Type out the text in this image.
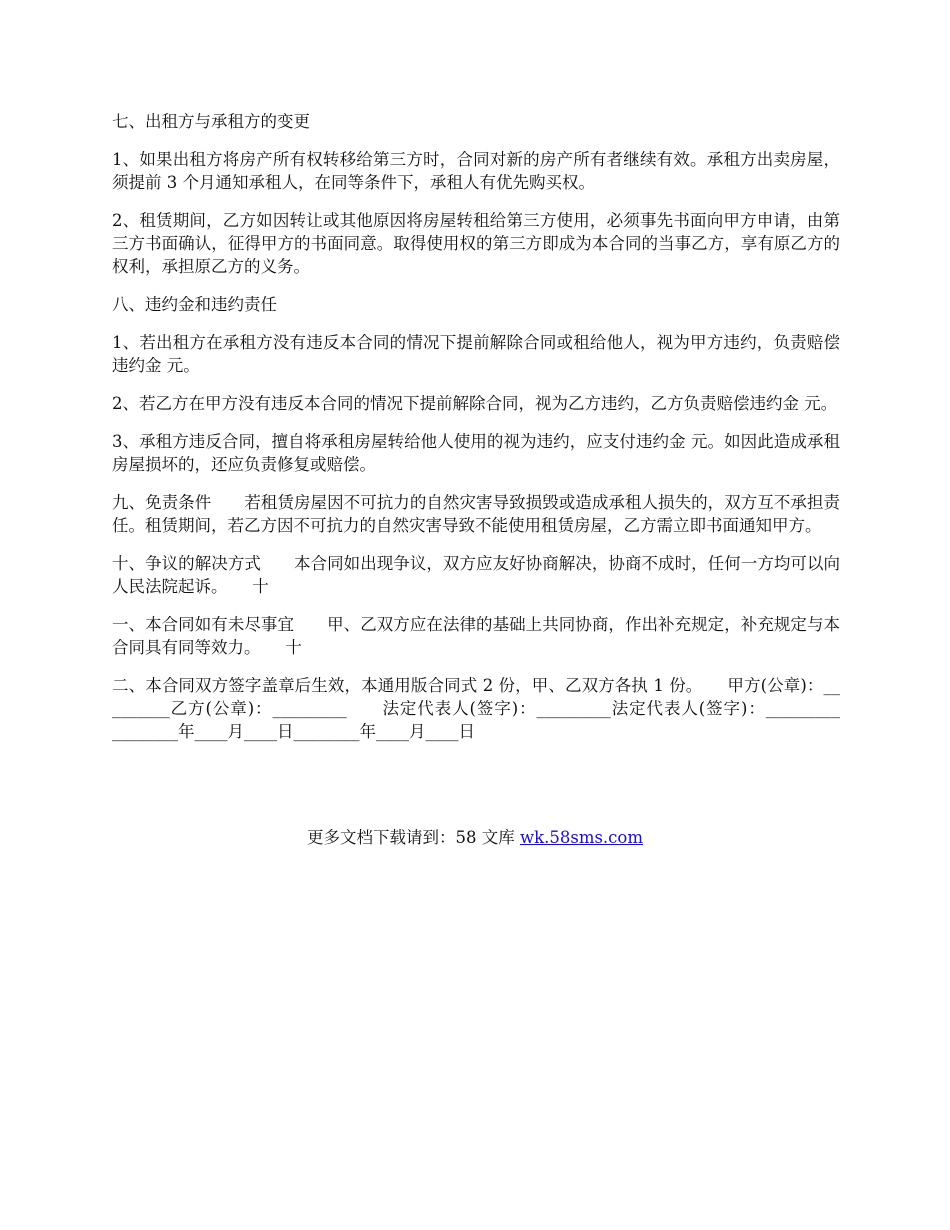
七、出租方与承租方的变更

1、如果出租方将房产所有权转移给第三方时，合同对新的房产所有者继续有效。承租方出卖房屋，须提前 3 个月通知承租人，在同等条件下，承租人有优先购买权。

2、租赁期间，乙方如因转让或其他原因将房屋转租给第三方使用，必须事先书面向甲方申请，由第三方书面确认，征得甲方的书面同意。取得使用权的第三方即成为本合同的当事乙方，享有原乙方的权利，承担原乙方的义务。

八、违约金和违约责任

1、若出租方在承租方没有违反本合同的情况下提前解除合同或租给他人，视为甲方违约，负责赔偿违约金 元。

2、若乙方在甲方没有违反本合同的情况下提前解除合同，视为乙方违约，乙方负责赔偿违约金 元。

3、承租方违反合同，擅自将承租房屋转给他人使用的视为违约，应支付违约金 元。如因此造成承租房屋损坏的，还应负责修复或赔偿。

九、免责条件　　若租赁房屋因不可抗力的自然灾害导致损毁或造成承租人损失的，双方互不承担责任。租赁期间，若乙方因不可抗力的自然灾害导致不能使用租赁房屋，乙方需立即书面通知甲方。

十、争议的解决方式　　本合同如出现争议，双方应友好协商解决，协商不成时，任何一方均可以向人民法院起诉。　　十

一、本合同如有未尽事宜　　甲、乙双方应在法律的基础上共同协商，作出补充规定，补充规定与本合同具有同等效力。　　十

二、本合同双方签字盖章后生效，本通用版合同式 2 份，甲、乙双方各执 1 份。　　甲方(公章)：_________乙方(公章)：_________　　法定代表人(签字)：_________法定代表人(签字)：_________　　________年____月____日________年____月____日

更多文档下载请到：58 文库 wk.58sms.com
